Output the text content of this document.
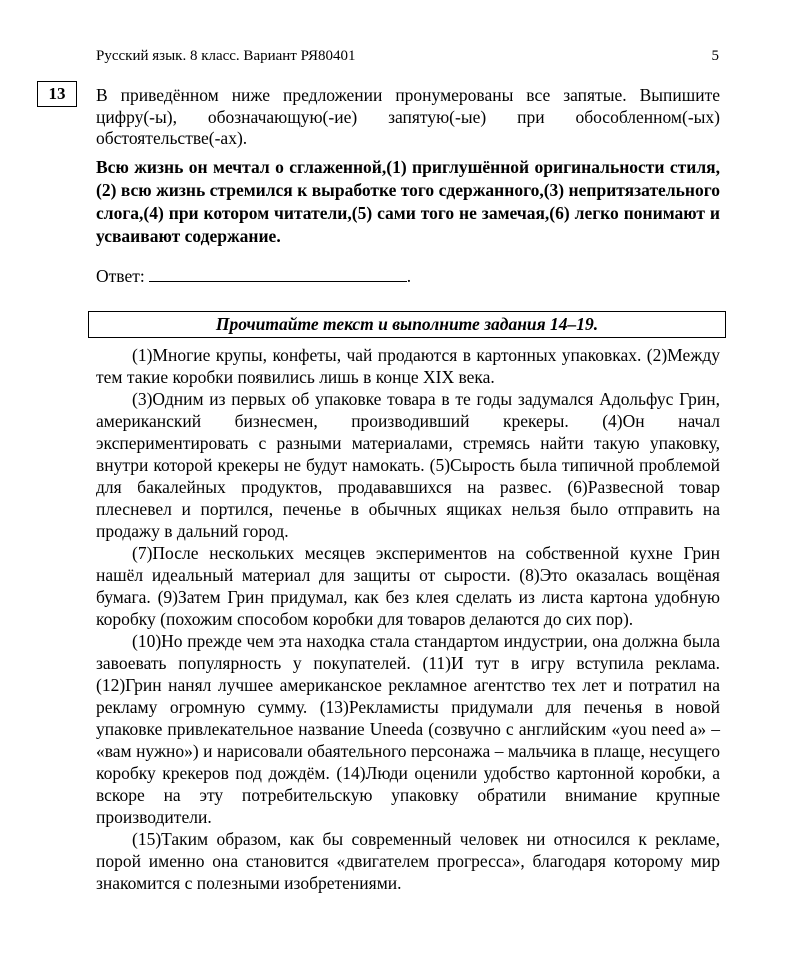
Русский язык. 8 класс. Вариант РЯ80401	5
13	В приведённом ниже предложении пронумерованы все запятые. Выпишите цифру(-ы), обозначающую(-ие) запятую(-ые) при обособленном(-ых) обстоятельстве(-ах).
Всю жизнь он мечтал о сглаженной,(1) приглушённой оригинальности стиля,(2) всю жизнь стремился к выработке того сдержанного,(3) непритязательного слога,(4) при котором читатели,(5) сами того не замечая,(6) легко понимают и усваивают содержание.
Ответ:	.
Прочитайте текст и выполните задания 14–19.

(1)Многие крупы, конфеты, чай продаются в картонных упаковках. (2)Между тем такие коробки появились лишь в конце XIX века.

(3)Одним из первых об упаковке товара в те годы задумался Адольфус Грин, американский бизнесмен, производивший крекеры. (4)Он начал экспериментировать с разными материалами, стремясь найти такую упаковку, внутри которой крекеры не будут намокать. (5)Сырость была типичной проблемой для бакалейных продуктов, продававшихся на развес. (6)Развесной товар плесневел и портился, печенье в обычных ящиках нельзя было отправить на продажу в дальний город.

(7)После нескольких месяцев экспериментов на собственной кухне Грин нашёл идеальный материал для защиты от сырости. (8)Это оказалась вощёная бумага. (9)Затем Грин придумал, как без клея сделать из листа картона удобную коробку (похожим способом коробки для товаров делаются до сих пор).

(10)Но прежде чем эта находка стала стандартом индустрии, она должна была завоевать популярность у покупателей. (11)И тут в игру вступила реклама. (12)Грин нанял лучшее американское рекламное агентство тех лет и потратил на рекламу огромную сумму. (13)Рекламисты придумали для печенья в новой упаковке привлекательное название Uneeda (созвучно с английским «you need a» – «вам нужно») и нарисовали обаятельного персонажа – мальчика в плаще, несущего коробку крекеров под дождём. (14)Люди оценили удобство картонной коробки, а вскоре на эту потребительскую упаковку обратили внимание крупные производители.

(15)Таким образом, как бы современный человек ни относился к рекламе, порой именно она становится «двигателем прогресса», благодаря которому мир знакомится с полезными изобретениями.
